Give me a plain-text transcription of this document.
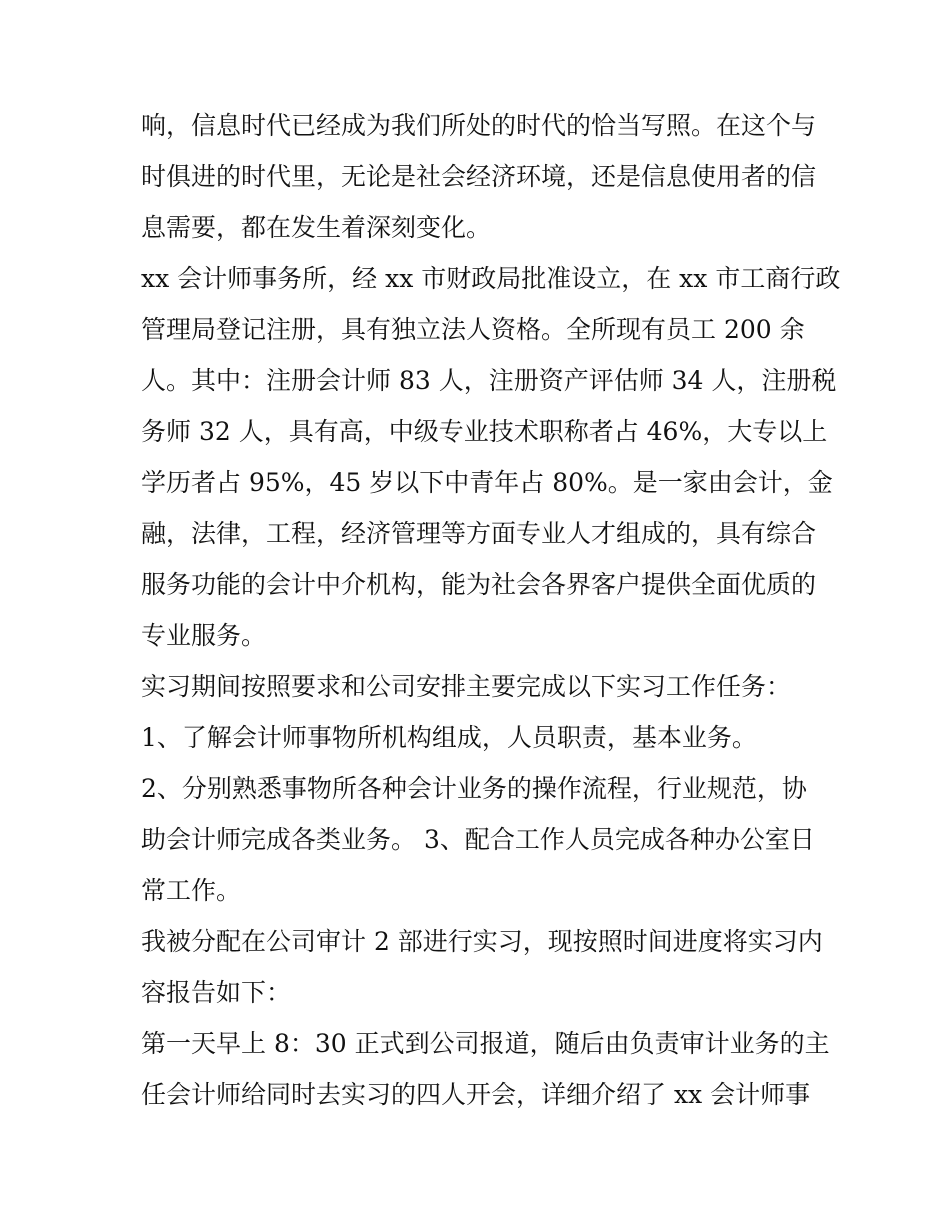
响，信息时代已经成为我们所处的时代的恰当写照。在这个与
时俱进的时代里，无论是社会经济环境，还是信息使用者的信
息需要，都在发生着深刻变化。
xx 会计师事务所，经 xx 市财政局批准设立，在 xx 市工商行政
管理局登记注册，具有独立法人资格。全所现有员工 200 余
人。其中：注册会计师 83 人，注册资产评估师 34 人，注册税
务师 32 人，具有高，中级专业技术职称者占 46%，大专以上
学历者占 95%，45 岁以下中青年占 80%。是一家由会计，金
融，法律，工程，经济管理等方面专业人才组成的，具有综合
服务功能的会计中介机构，能为社会各界客户提供全面优质的
专业服务。
实习期间按照要求和公司安排主要完成以下实习工作任务：
1、了解会计师事物所机构组成，人员职责，基本业务。
2、分别熟悉事物所各种会计业务的操作流程，行业规范，协
助会计师完成各类业务。 3、配合工作人员完成各种办公室日
常工作。
我被分配在公司审计 2 部进行实习，现按照时间进度将实习内
容报告如下：
第一天早上 8：30 正式到公司报道，随后由负责审计业务的主
任会计师给同时去实习的四人开会，详细介绍了 xx 会计师事
